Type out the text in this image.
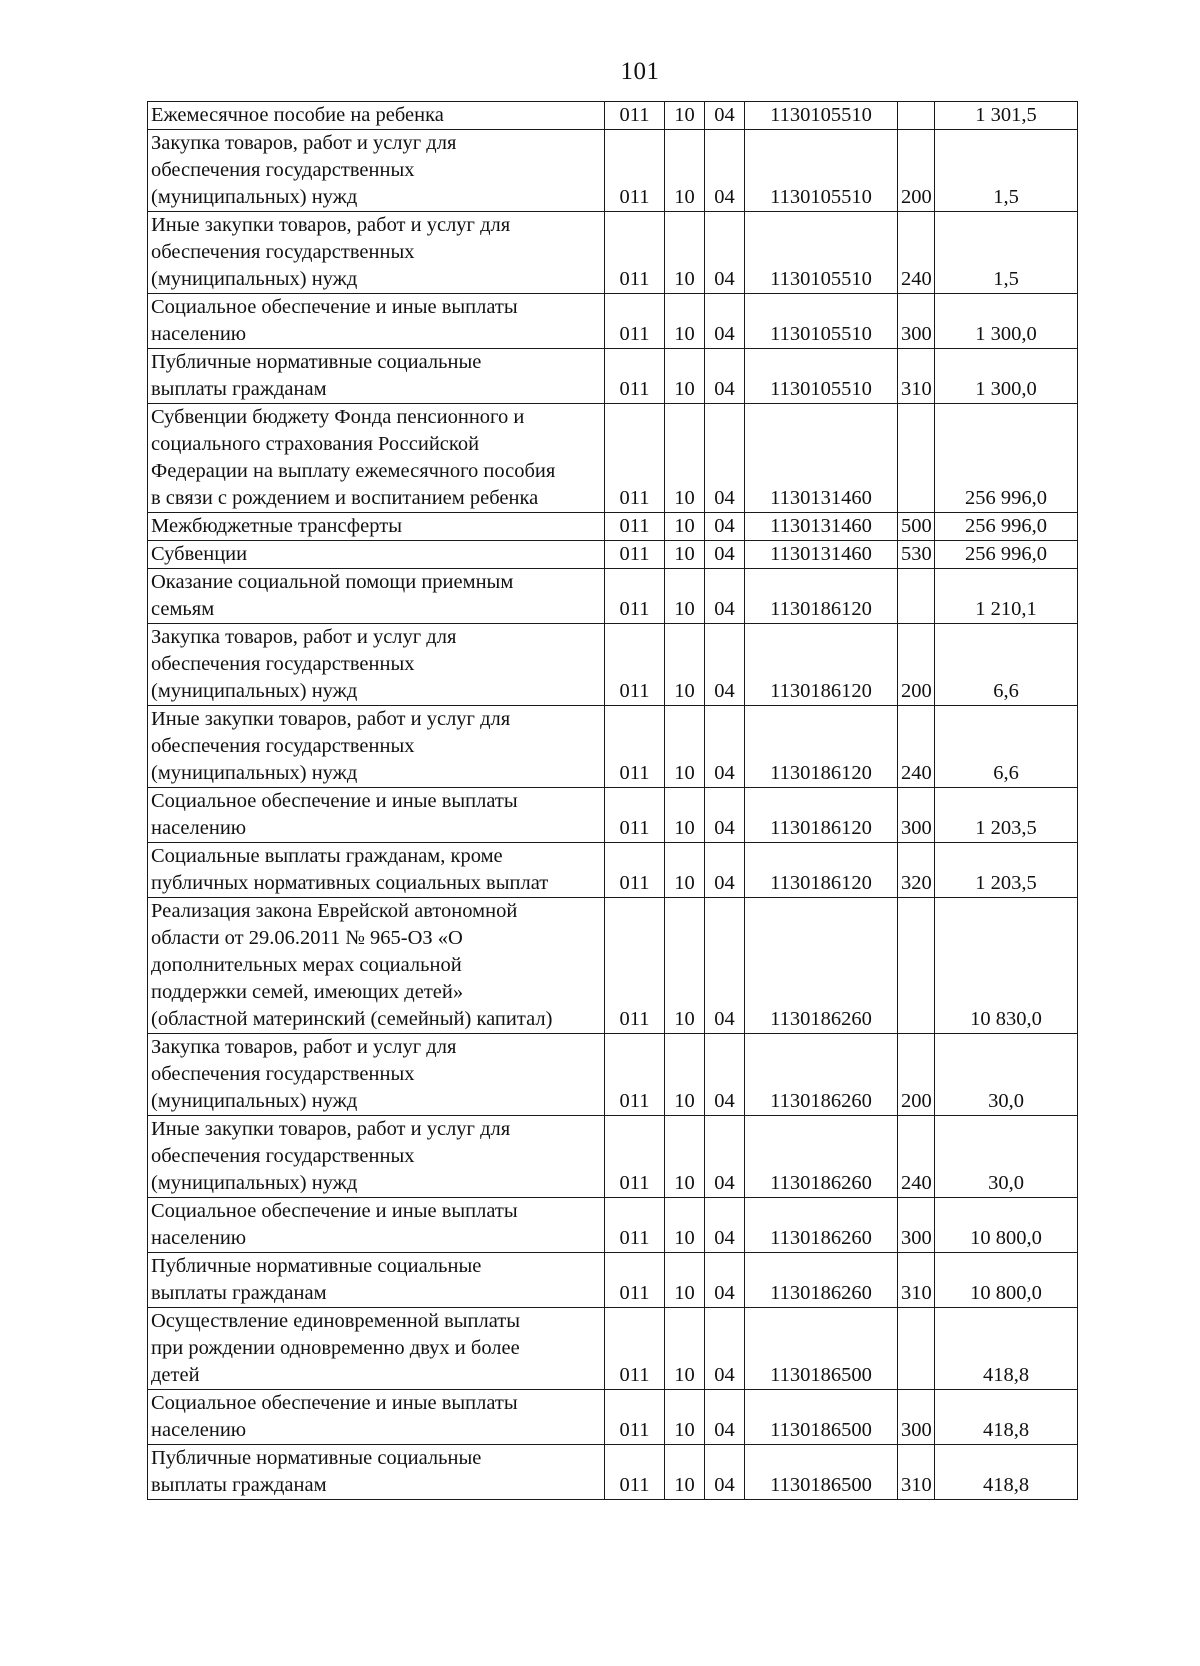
101
Ежемесячное пособие на ребенка	011	10	04	1130105510		1 301,5

Закупка товаров, работ и услуг для
обеспечения государственных
(муниципальных) нужд	011	10	04	1130105510	200	1,5

Иные закупки товаров, работ и услуг для
обеспечения государственных
(муниципальных) нужд	011	10	04	1130105510	240	1,5

Социальное обеспечение и иные выплаты
населению	011	10	04	1130105510	300	1 300,0

Публичные нормативные социальные
выплаты гражданам	011	10	04	1130105510	310	1 300,0

Субвенции бюджету Фонда пенсионного и
социального страхования Российской
Федерации на выплату ежемесячного пособия
в связи с рождением и воспитанием ребенка	011	10	04	1130131460		256 996,0

Межбюджетные трансферты	011	10	04	1130131460	500	256 996,0

Субвенции	011	10	04	1130131460	530	256 996,0

Оказание социальной помощи приемным
семьям	011	10	04	1130186120		1 210,1

Закупка товаров, работ и услуг для
обеспечения государственных
(муниципальных) нужд	011	10	04	1130186120	200	6,6

Иные закупки товаров, работ и услуг для
обеспечения государственных
(муниципальных) нужд	011	10	04	1130186120	240	6,6

Социальное обеспечение и иные выплаты
населению	011	10	04	1130186120	300	1 203,5

Социальные выплаты гражданам, кроме
публичных нормативных социальных выплат	011	10	04	1130186120	320	1 203,5

Реализация закона Еврейской автономной
области от 29.06.2011 № 965-ОЗ «О
дополнительных мерах социальной
поддержки семей, имеющих детей»
(областной материнский (семейный) капитал)	011	10	04	1130186260		10 830,0

Закупка товаров, работ и услуг для
обеспечения государственных
(муниципальных) нужд	011	10	04	1130186260	200	30,0

Иные закупки товаров, работ и услуг для
обеспечения государственных
(муниципальных) нужд	011	10	04	1130186260	240	30,0

Социальное обеспечение и иные выплаты
населению	011	10	04	1130186260	300	10 800,0

Публичные нормативные социальные
выплаты гражданам	011	10	04	1130186260	310	10 800,0

Осуществление единовременной выплаты
при рождении одновременно двух и более
детей	011	10	04	1130186500		418,8

Социальное обеспечение и иные выплаты
населению	011	10	04	1130186500	300	418,8

Публичные нормативные социальные
выплаты гражданам	011	10	04	1130186500	310	418,8
